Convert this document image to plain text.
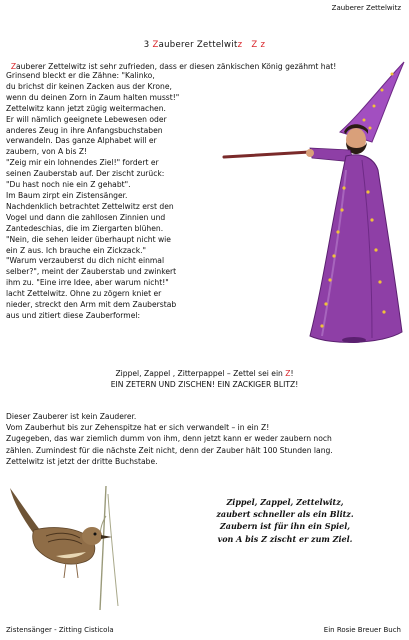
Zauberer Zettelwitz
3 Zauberer Zettelwitz Z z

Zauberer Zettelwitz ist sehr zufrieden, dass er diesen zänkischen König gezähmt hat!

Grinsend bleckt er die Zähne: "Kalinko,
du brichst dir keinen Zacken aus der Krone,
wenn du deinen Zorn in Zaum halten musst!"
Zettelwitz kann jetzt zügig weitermachen.
Er will nämlich geeignete Lebewesen oder
anderes Zeug in ihre Anfangsbuchstaben
verwandeln. Das ganze Alphabet will er
zaubern, von A bis Z!
"Zeig mir ein lohnendes Ziel!" fordert er
seinen Zauberstab auf. Der zischt zurück:
"Du hast noch nie ein Z gehabt".
Im Baum zirpt ein Zistensänger.
Nachdenklich betrachtet Zettelwitz erst den
Vogel und dann die zahllosen Zinnien und
Zantedeschias, die im Ziergarten blühen.
"Nein, die sehen leider überhaupt nicht wie
ein Z aus. Ich brauche ein Zickzack."
"Warum verzauberst du dich nicht einmal
selber?", meint der Zauberstab und zwinkert
ihm zu. "Eine irre Idee, aber warum nicht!"
lacht Zettelwitz. Ohne zu zögern kniet er
nieder, streckt den Arm mit dem Zauberstab
aus und zitiert diese Zauberformel:
Zippel, Zappel , Zitterpappel – Zettel sei ein Z!
EIN ZETERN UND ZISCHEN! EIN ZACKIGER BLITZ!
Dieser Zauberer ist kein Zauderer.
Vom Zauberhut bis zur Zehenspitze hat er sich verwandelt – in ein Z!
Zugegeben, das war ziemlich dumm von ihm, denn jetzt kann er weder zaubern noch
zählen. Zumindest für die nächste Zeit nicht, denn der Zauber hält 100 Stunden lang.
Zettelwitz ist jetzt der dritte Buchstabe.
Zippel, Zappel, Zettelwitz,
zaubert schneller als ein Blitz.
Zaubern ist für ihn ein Spiel,
von A bis Z zischt er zum Ziel.
Zistensänger - Zitting Cisticola	Ein Rosie Breuer Buch
